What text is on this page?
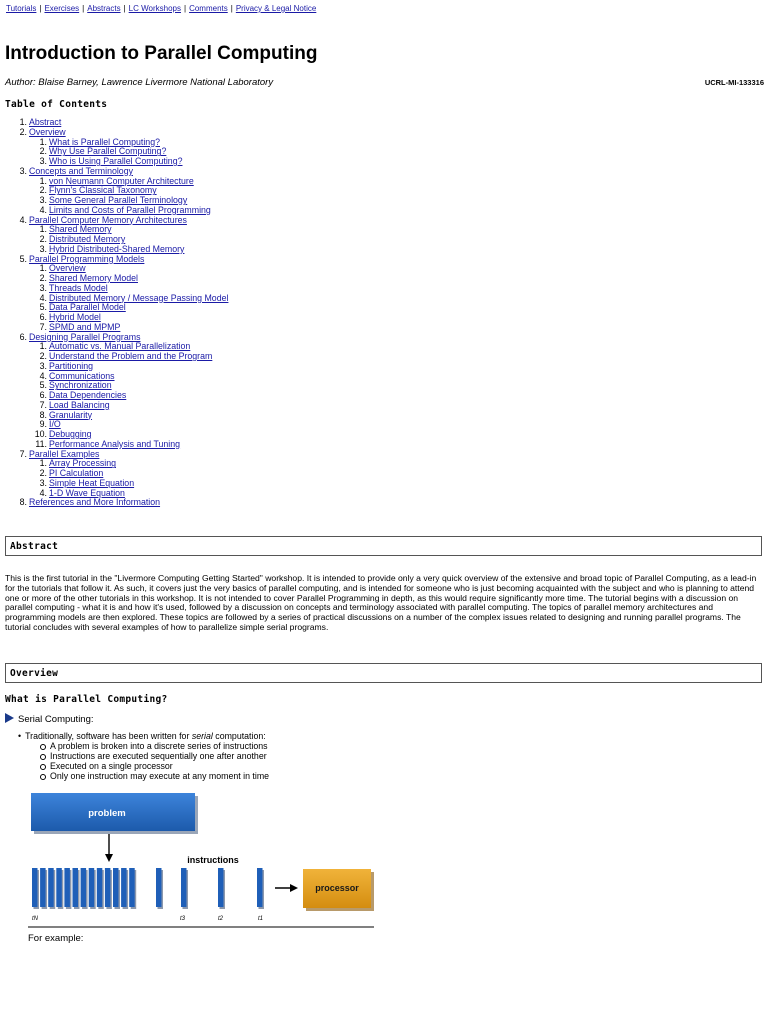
Tutorials | Exercises | Abstracts | LC Workshops | Comments | Privacy & Legal Notice
Introduction to Parallel Computing
Author: Blaise Barney, Lawrence Livermore National Laboratory	UCRL-MI-133316
Table of Contents
1. Abstract
2. Overview
1. What is Parallel Computing?
2. Why Use Parallel Computing?
3. Who is Using Parallel Computing?
3. Concepts and Terminology
1. von Neumann Computer Architecture
2. Flynn's Classical Taxonomy
3. Some General Parallel Terminology
4. Limits and Costs of Parallel Programming
4. Parallel Computer Memory Architectures
1. Shared Memory
2. Distributed Memory
3. Hybrid Distributed-Shared Memory
5. Parallel Programming Models
1. Overview
2. Shared Memory Model
3. Threads Model
4. Distributed Memory / Message Passing Model
5. Data Parallel Model
6. Hybrid Model
7. SPMD and MPMP
6. Designing Parallel Programs
1. Automatic vs. Manual Parallelization
2. Understand the Problem and the Program
3. Partitioning
4. Communications
5. Synchronization
6. Data Dependencies
7. Load Balancing
8. Granularity
9. I/O
10. Debugging
11. Performance Analysis and Tuning
7. Parallel Examples
1. Array Processing
2. PI Calculation
3. Simple Heat Equation
4. 1-D Wave Equation
8. References and More Information
Abstract

This is the first tutorial in the "Livermore Computing Getting Started" workshop. It is intended to provide only a very quick overview of the extensive and broad topic of Parallel Computing, as a lead-in for the tutorials that follow it. As such, it covers just the very basics of parallel computing, and is intended for someone who is just becoming acquainted with the subject and who is planning to attend one or more of the other tutorials in this workshop. It is not intended to cover Parallel Programming in depth, as this would require significantly more time. The tutorial begins with a discussion on parallel computing - what it is and how it's used, followed by a discussion on concepts and terminology associated with parallel computing. The topics of parallel memory architectures and programming models are then explored. These topics are followed by a series of practical discussions on a number of the complex issues related to designing and running parallel programs. The tutorial concludes with several examples of how to parallelize simple serial programs.

Overview
What is Parallel Computing?
Serial Computing:
• Traditionally, software has been written for serial computation:
A problem is broken into a discrete series of instructions
Instructions are executed sequentially one after another
Executed on a single processor
Only one instruction may execute at any moment in time
problem
instructions
processor
tN	t3	t2	t1
For example:
